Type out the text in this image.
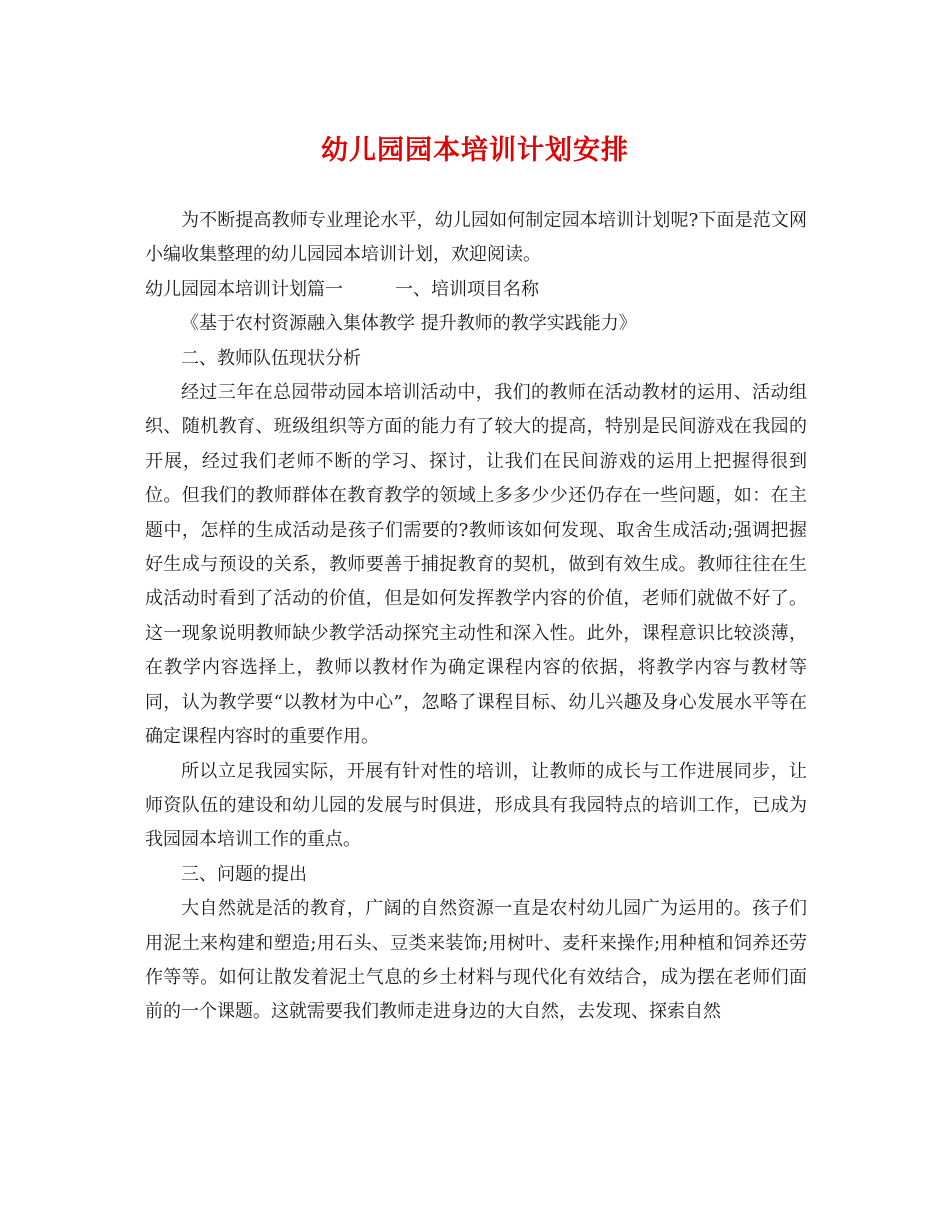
幼儿园园本培训计划安排

为不断提高教师专业理论水平，幼儿园如何制定园本培训计划呢?下面是范文网小编收集整理的幼儿园园本培训计划，欢迎阅读。

幼儿园园本培训计划篇一	一、培训项目名称

《基于农村资源融入集体教学 提升教师的教学实践能力》

二、教师队伍现状分析

经过三年在总园带动园本培训活动中，我们的教师在活动教材的运用、活动组织、随机教育、班级组织等方面的能力有了较大的提高，特别是民间游戏在我园的开展，经过我们老师不断的学习、探讨，让我们在民间游戏的运用上把握得很到位。但我们的教师群体在教育教学的领域上多多少少还仍存在一些问题，如：在主题中，怎样的生成活动是孩子们需要的?教师该如何发现、取舍生成活动;强调把握好生成与预设的关系，教师要善于捕捉教育的契机，做到有效生成。教师往往在生成活动时看到了活动的价值，但是如何发挥教学内容的价值，老师们就做不好了。这一现象说明教师缺少教学活动探究主动性和深入性。此外，课程意识比较淡薄，在教学内容选择上，教师以教材作为确定课程内容的依据，将教学内容与教材等同，认为教学要“以教材为中心”，忽略了课程目标、幼儿兴趣及身心发展水平等在确定课程内容时的重要作用。

所以立足我园实际，开展有针对性的培训，让教师的成长与工作进展同步，让师资队伍的建设和幼儿园的发展与时俱进，形成具有我园特点的培训工作，已成为我园园本培训工作的重点。

三、问题的提出

大自然就是活的教育，广阔的自然资源一直是农村幼儿园广为运用的。孩子们用泥土来构建和塑造;用石头、豆类来装饰;用树叶、麦秆来操作;用种植和饲养还劳作等等。如何让散发着泥土气息的乡土材料与现代化有效结合，成为摆在老师们面前的一个课题。这就需要我们教师走进身边的大自然，去发现、探索自然
